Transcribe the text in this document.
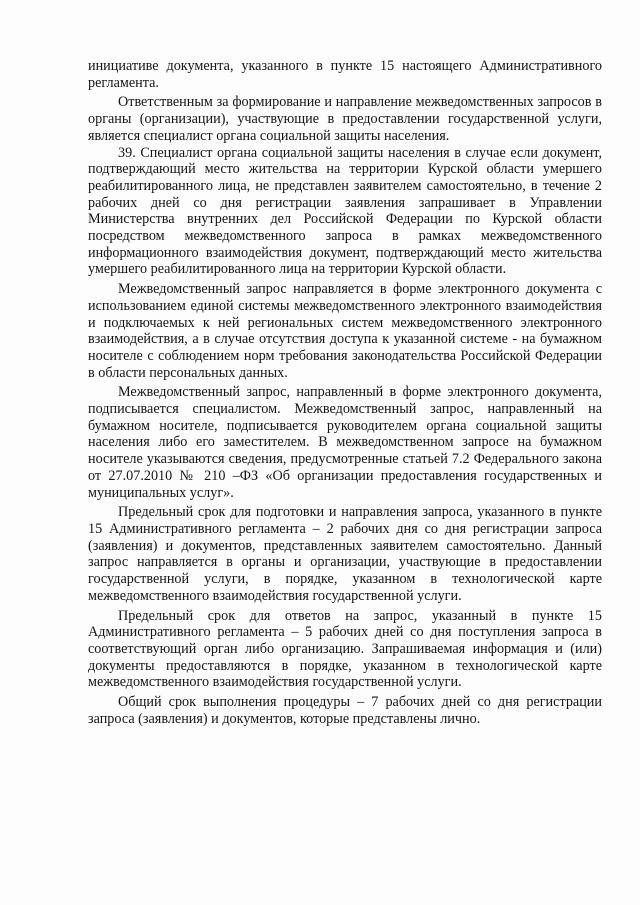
инициативе документа, указанного в пункте 15 настоящего Административного регламента.

Ответственным за формирование и направление межведомственных запросов в органы (организации), участвующие в предоставлении государственной услуги, является специалист органа социальной защиты населения.

39. Специалист органа социальной защиты населения в случае если документ, подтверждающий место жительства на территории Курской области умершего реабилитированного лица, не представлен заявителем самостоятельно, в течение 2 рабочих дней со дня регистрации заявления запрашивает в Управлении Министерства внутренних дел Российской Федерации по Курской области посредством межведомственного запроса в рамках межведомственного информационного взаимодействия документ, подтверждающий место жительства умершего реабилитированного лица на территории Курской области.

Межведомственный запрос направляется в форме электронного документа с использованием единой системы межведомственного электронного взаимодействия и подключаемых к ней региональных систем межведомственного электронного взаимодействия, а в случае отсутствия доступа к указанной системе - на бумажном носителе с соблюдением норм требования законодательства Российской Федерации в области персональных данных.

Межведомственный запрос, направленный в форме электронного документа, подписывается специалистом. Межведомственный запрос, направленный на бумажном носителе, подписывается руководителем органа социальной защиты населения либо его заместителем. В межведомственном запросе на бумажном носителе указываются сведения, предусмотренные статьей 7.2 Федерального закона от 27.07.2010 № 210 –ФЗ «Об организации предоставления государственных и муниципальных услуг».

Предельный срок для подготовки и направления запроса, указанного в пункте 15 Административного регламента – 2 рабочих дня со дня регистрации запроса (заявления) и документов, представленных заявителем самостоятельно. Данный запрос направляется в органы и организации, участвующие в предоставлении государственной услуги, в порядке, указанном в технологической карте межведомственного взаимодействия государственной услуги.

Предельный срок для ответов на запрос, указанный в пункте 15 Административного регламента – 5 рабочих дней со дня поступления запроса в соответствующий орган либо организацию. Запрашиваемая информация и (или) документы предоставляются в порядке, указанном в технологической карте межведомственного взаимодействия государственной услуги.

Общий срок выполнения процедуры – 7 рабочих дней со дня регистрации запроса (заявления) и документов, которые представлены лично.
